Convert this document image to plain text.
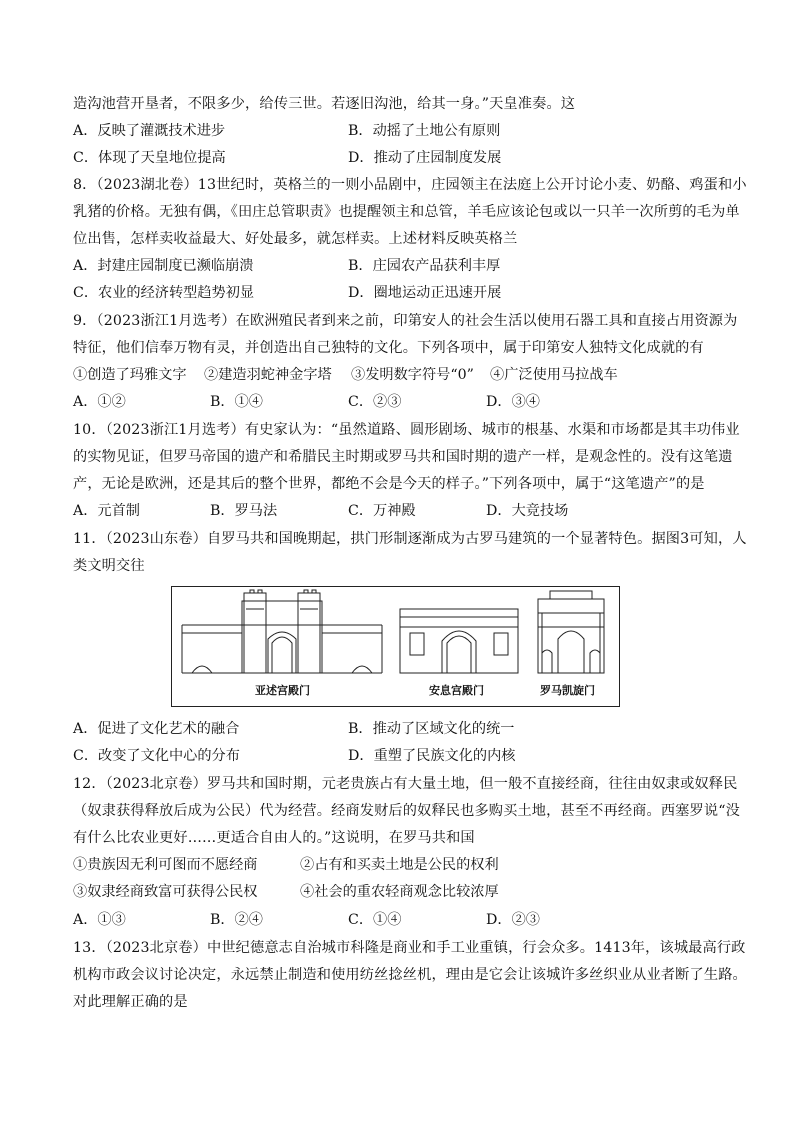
造沟池营开垦者，不限多少，给传三世。若逐旧沟池，给其一身。”天皇准奏。这
A．反映了灌溉技术进步	B．动摇了土地公有原则
C．体现了天皇地位提高	D．推动了庄园制度发展
8．（2023湖北卷）13世纪时，英格兰的一则小品剧中，庄园领主在法庭上公开讨论小麦、奶酪、鸡蛋和小
乳猪的价格。无独有偶，《田庄总管职责》也提醒领主和总管，羊毛应该论包或以一只羊一次所剪的毛为单
位出售，怎样卖收益最大、好处最多，就怎样卖。上述材料反映英格兰
A．封建庄园制度已濒临崩溃	B．庄园农产品获利丰厚
C．农业的经济转型趋势初显	D．圈地运动正迅速开展
9．（2023浙江1月选考）在欧洲殖民者到来之前，印第安人的社会生活以使用石器工具和直接占用资源为
特征，他们信奉万物有灵，并创造出自己独特的文化。下列各项中，属于印第安人独特文化成就的有
①创造了玛雅文字 ②建造羽蛇神金字塔 ③发明数字符号“0” ④广泛使用马拉战车
A．①②	B．①④	C．②③	D．③④
10．（2023浙江1月选考）有史家认为：“虽然道路、圆形剧场、城市的根基、水渠和市场都是其丰功伟业
的实物见证，但罗马帝国的遗产和希腊民主时期或罗马共和国时期的遗产一样，是观念性的。没有这笔遗
产，无论是欧洲，还是其后的整个世界，都绝不会是今天的样子。”下列各项中，属于“这笔遗产”的是
A．元首制	B．罗马法	C．万神殿	D．大竞技场
11．（2023山东卷）自罗马共和国晚期起，拱门形制逐渐成为古罗马建筑的一个显著特色。据图3可知，人
类文明交往
亚述宫殿门	安息宫殿门	罗马凯旋门
A．促进了文化艺术的融合	B．推动了区域文化的统一
C．改变了文化中心的分布	D．重塑了民族文化的内核
12．（2023北京卷）罗马共和国时期，元老贵族占有大量土地，但一般不直接经商，往往由奴隶或奴释民
（奴隶获得释放后成为公民）代为经营。经商发财后的奴释民也多购买土地，甚至不再经商。西塞罗说“没
有什么比农业更好……更适合自由人的。”这说明，在罗马共和国
①贵族因无利可图而不愿经商	②占有和买卖土地是公民的权利
③奴隶经商致富可获得公民权	④社会的重农轻商观念比较浓厚
A．①③	B．②④	C．①④	D．②③
13．（2023北京卷）中世纪德意志自治城市科隆是商业和手工业重镇，行会众多。1413年，该城最高行政
机构市政会议讨论决定，永远禁止制造和使用纺丝捻丝机，理由是它会让该城许多丝织业从业者断了生路。
对此理解正确的是
